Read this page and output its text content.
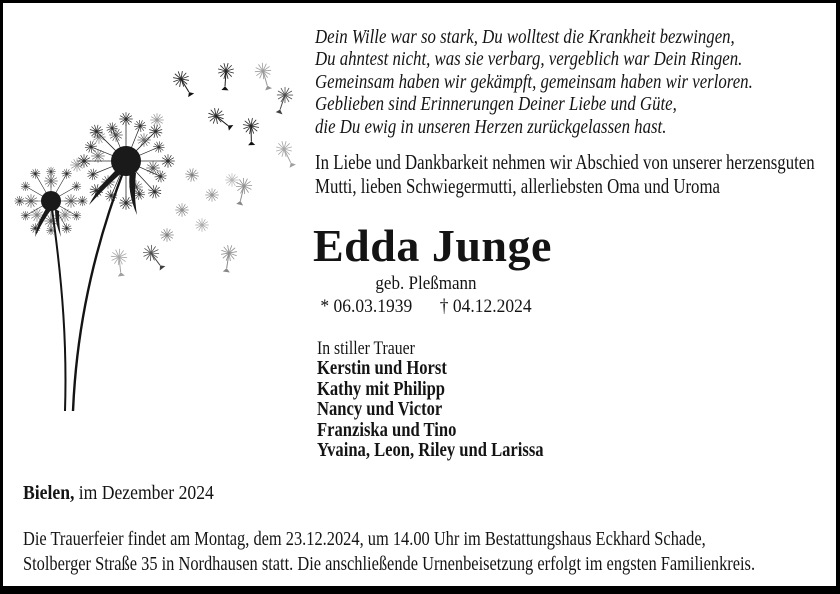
Dein Wille war so stark, Du wolltest die Krankheit bezwingen,
Du ahntest nicht, was sie verbarg, vergeblich war Dein Ringen.
Gemeinsam haben wir gekämpft, gemeinsam haben wir verloren.
Geblieben sind Erinnerungen Deiner Liebe und Güte,
die Du ewig in unseren Herzen zurückgelassen hast.
In Liebe und Dankbarkeit nehmen wir Abschied von unserer herzensguten
Mutti, lieben Schwiegermutti, allerliebsten Oma und Uroma
Edda Junge
geb. Pleßmann
* 06.03.1939 † 04.12.2024
In stiller Trauer
Kerstin und Horst
Kathy mit Philipp
Nancy und Victor
Franziska und Tino
Yvaina, Leon, Riley und Larissa
Bielen, im Dezember 2024
Die Trauerfeier findet am Montag, dem 23.12.2024, um 14.00 Uhr im Bestattungshaus Eckhard Schade,
Stolberger Straße 35 in Nordhausen statt. Die anschließende Urnenbeisetzung erfolgt im engsten Familienkreis.
